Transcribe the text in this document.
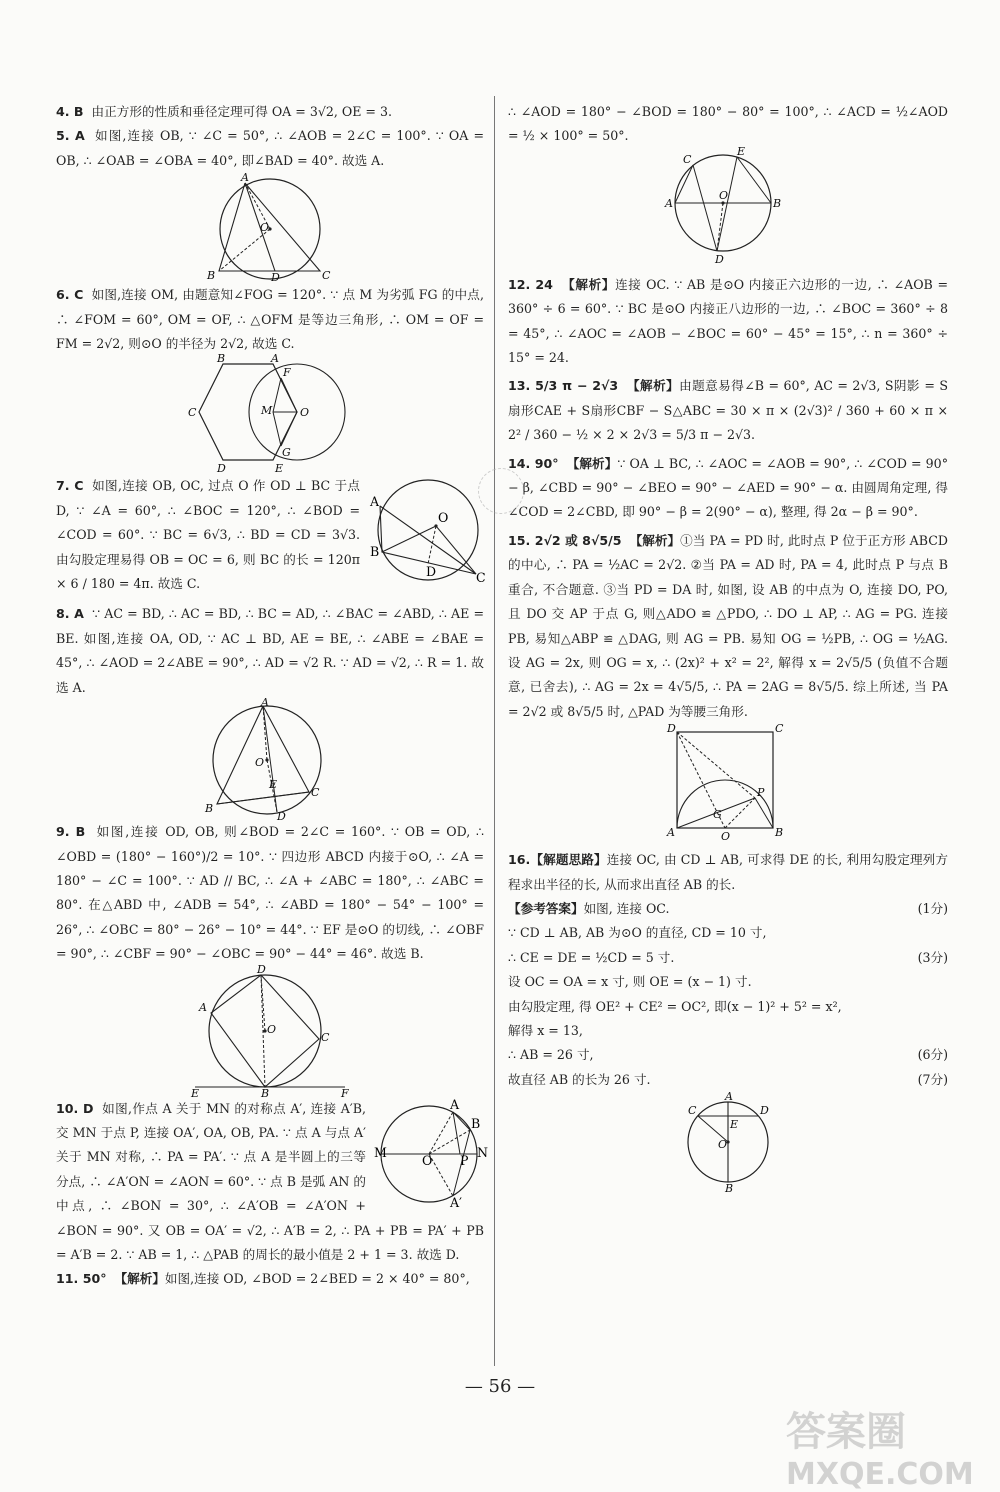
4. B 由正方形的性质和垂径定理可得 OA = 3√2, OE = 3.

5. A 如图,连接 OB, ∵ ∠C = 50°, ∴ ∠AOB = 2∠C = 100°. ∵ OA = OB, ∴ ∠OAB = ∠OBA = 40°, 即∠BAD = 40°. 故选 A.

A
B	D	C
O

6. C 如图,连接 OM, 由题意知∠FOG = 120°. ∵ 点 M 为劣弧 FG 的中点, ∴ ∠FOM = 60°, OM = OF, ∴ △OFM 是等边三角形, ∴ OM = OF = FM = 2√2, 则⊙O 的半径为 2√2, 故选 C.

B	A
F
C	M	O
D	E
G
A
B
C
D
O

7. C 如图,连接 OB, OC, 过点 O 作 OD ⊥ BC 于点 D, ∵ ∠A = 60°, ∴ ∠BOC = 120°, ∴ ∠BOD = ∠COD = 60°. ∵ BC = 6√3, ∴ BD = CD = 3√3. 由勾股定理易得 OB = OC = 6, 则 BC 的长 = 120π × 6 / 180 = 4π. 故选 C.

8. A ∵ AC = BD, ∴ AC = BD, ∴ BC = AD, ∴ ∠BAC = ∠ABD, ∴ AE = BE. 如图,连接 OA, OD, ∵ AC ⊥ BD, AE = BE, ∴ ∠ABE = ∠BAE = 45°, ∴ ∠AOD = 2∠ABE = 90°, ∴ AD = √2 R. ∵ AD = √2, ∴ R = 1. 故选 A.

A
B
C
D
E
O

9. B 如图,连接 OD, OB, 则∠BOD = 2∠C = 160°. ∵ OB = OD, ∴ ∠OBD = (180° − 160°)/2 = 10°. ∵ 四边形 ABCD 内接于⊙O, ∴ ∠A = 180° − ∠C = 100°. ∵ AD // BC, ∴ ∠A + ∠ABC = 180°, ∴ ∠ABC = 80°. 在△ABD 中, ∠ADB = 54°, ∴ ∠ABD = 180° − 54° − 100° = 26°, ∴ ∠OBC = 80° − 26° − 10° = 44°. ∵ EF 是⊙O 的切线, ∴ ∠OBF = 90°, ∴ ∠CBF = 90° − ∠OBC = 90° − 44° = 46°. 故选 B.

D
A
C
O
E	B	F
A
B
M	N
O P
A′

10. D 如图,作点 A 关于 MN 的对称点 A′, 连接 A′B, 交 MN 于点 P, 连接 OA′, OA, OB, PA. ∵ 点 A 与点 A′关于 MN 对称, ∴ PA = PA′. ∵ 点 A 是半圆上的三等分点, ∴ ∠A′ON = ∠AON = 60°. ∵ 点 B 是弧 AN 的中点, ∴ ∠BON = 30°, ∴ ∠A′OB = ∠A′ON + ∠BON = 90°. 又 OB = OA′ = √2, ∴ A′B = 2, ∴ PA + PB = PA′ + PB = A′B = 2. ∵ AB = 1, ∴ △PAB 的周长的最小值是 2 + 1 = 3. 故选 D.

11. 50° 【解析】如图,连接 OD, ∠BOD = 2∠BED = 2 × 40° = 80°,

∴ ∠AOD = 180° − ∠BOD = 180° − 80° = 100°, ∴ ∠ACD = ½∠AOD = ½ × 100° = 50°.

C
E
A	B
O
D

12. 24 【解析】连接 OC. ∵ AB 是⊙O 内接正六边形的一边, ∴ ∠AOB = 360° ÷ 6 = 60°. ∵ BC 是⊙O 内接正八边形的一边, ∴ ∠BOC = 360° ÷ 8 = 45°, ∴ ∠AOC = ∠AOB − ∠BOC = 60° − 45° = 15°, ∴ n = 360° ÷ 15° = 24.

13. 5/3 π − 2√3 【解析】由题意易得∠B = 60°, AC = 2√3, S阴影 = S扇形CAE + S扇形CBF − S△ABC = 30 × π × (2√3)² / 360 + 60 × π × 2² / 360 − ½ × 2 × 2√3 = 5/3 π − 2√3.

14. 90° 【解析】∵ OA ⊥ BC, ∴ ∠AOC = ∠AOB = 90°, ∴ ∠COD = 90° − β, ∠CBD = 90° − ∠BEO = 90° − ∠AED = 90° − α. 由圆周角定理, 得∠COD = 2∠CBD, 即 90° − β = 2(90° − α), 整理, 得 2α − β = 90°.

15. 2√2 或 8√5/5 【解析】①当 PA = PD 时, 此时点 P 位于正方形 ABCD 的中心, ∴ PA = ½AC = 2√2. ②当 PA = AD 时, PA = 4, 此时点 P 与点 B 重合, 不合题意. ③当 PD = DA 时, 如图, 设 AB 的中点为 O, 连接 DO, PO, 且 DO 交 AP 于点 G, 则△ADO ≌ △PDO, ∴ DO ⊥ AP, ∴ AG = PG. 连接 PB, 易知△ABP ≌ △DAG, 则 AG = PB. 易知 OG = ½PB, ∴ OG = ½AG. 设 AG = 2x, 则 OG = x, ∴ (2x)² + x² = 2², 解得 x = 2√5/5 (负值不合题意, 已舍去), ∴ AG = 2x = 4√5/5, ∴ PA = 2AG = 8√5/5. 综上所述, 当 PA = 2√2 或 8√5/5 时, △PAD 为等腰三角形.

D	C
P
A	O	B
G

16.【解题思路】连接 OC, 由 CD ⊥ AB, 可求得 DE 的长, 利用勾股定理列方程求出半径的长, 从而求出直径 AB 的长.

【参考答案】如图, 连接 OC.	(1分)

∵ CD ⊥ AB, AB 为⊙O 的直径, CD = 10 寸,

∴ CE = DE = ½CD = 5 寸.	(3分)

设 OC = OA = x 寸, 则 OE = (x − 1) 寸.

由勾股定理, 得 OE² + CE² = OC², 即(x − 1)² + 5² = x²,

解得 x = 13,

∴ AB = 26 寸,	(6分)

故直径 AB 的长为 26 寸.	(7分)

A
C	D
E
O
B
— 56 —
答案圈
MXQE.COM
